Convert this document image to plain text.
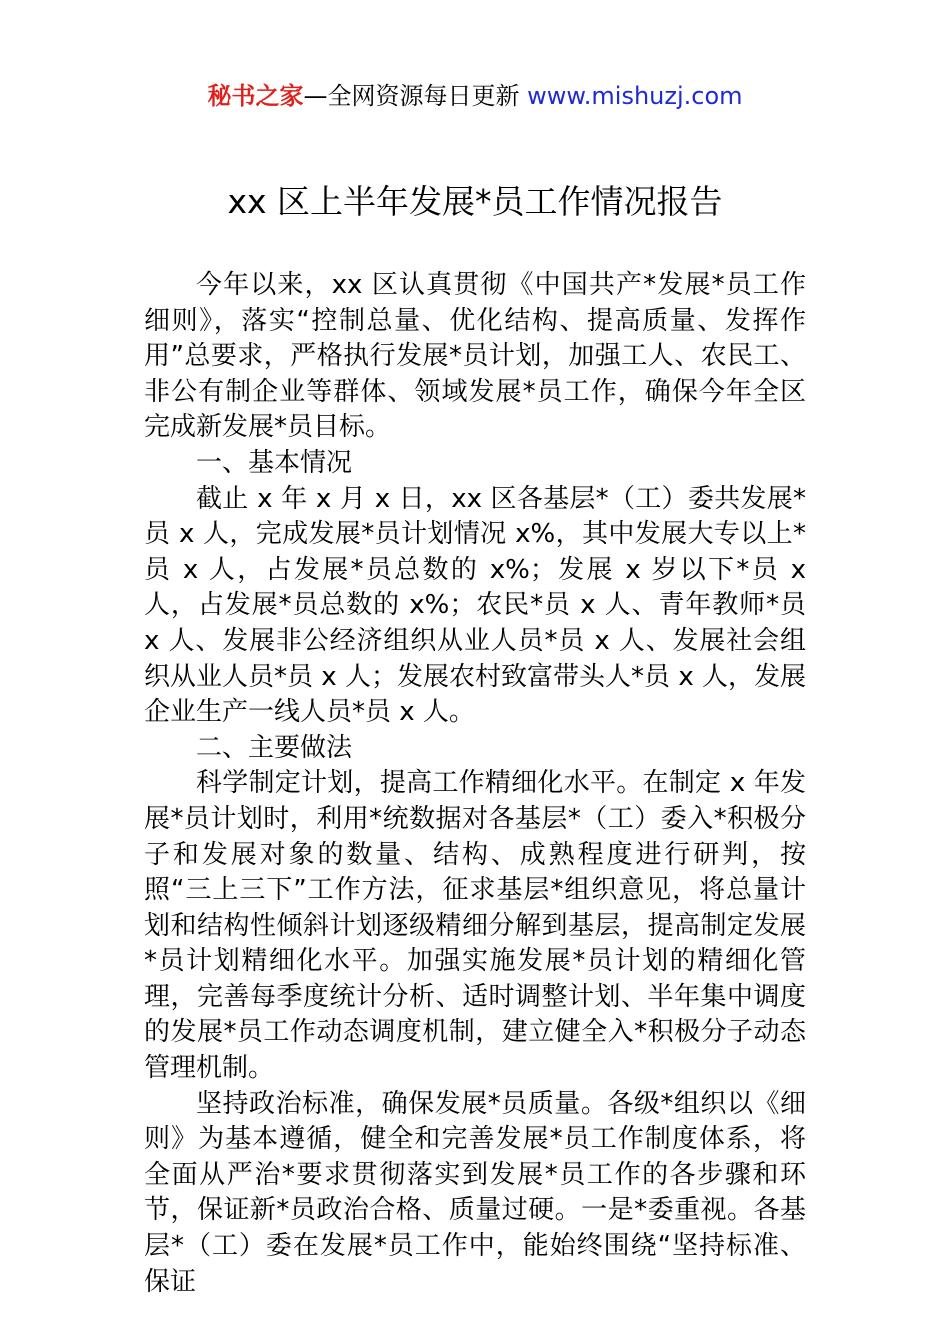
秘书之家—全网资源每日更新 www.mishuzj.com
xx 区上半年发展*员工作情况报告

今年以来，xx 区认真贯彻《中国共产*发展*员工作细则》，落实“控制总量、优化结构、提高质量、发挥作用”总要求，严格执行发展*员计划，加强工人、农民工、非公有制企业等群体、领域发展*员工作，确保今年全区完成新发展*员目标。

一、基本情况

截止 x 年 x 月 x 日，xx 区各基层*（工）委共发展*员 x 人，完成发展*员计划情况 x%，其中发展大专以上*员 x 人，占发展*员总数的 x%；发展 x 岁以下*员 x 人，占发展*员总数的 x%；农民*员 x 人、青年教师*员 x 人、发展非公经济组织从业人员*员 x 人、发展社会组织从业人员*员 x 人；发展农村致富带头人*员 x 人，发展企业生产一线人员*员 x 人。

二、主要做法

科学制定计划，提高工作精细化水平。在制定 x 年发展*员计划时，利用*统数据对各基层*（工）委入*积极分子和发展对象的数量、结构、成熟程度进行研判，按照“三上三下”工作方法，征求基层*组织意见，将总量计划和结构性倾斜计划逐级精细分解到基层，提高制定发展*员计划精细化水平。加强实施发展*员计划的精细化管理，完善每季度统计分析、适时调整计划、半年集中调度的发展*员工作动态调度机制，建立健全入*积极分子动态管理机制。

坚持政治标准，确保发展*员质量。各级*组织以《细则》为基本遵循，健全和完善发展*员工作制度体系，将全面从严治*要求贯彻落实到发展*员工作的各步骤和环节，保证新*员政治合格、质量过硬。一是*委重视。各基层*（工）委在发展*员工作中，能始终围绕“坚持标准、保证
